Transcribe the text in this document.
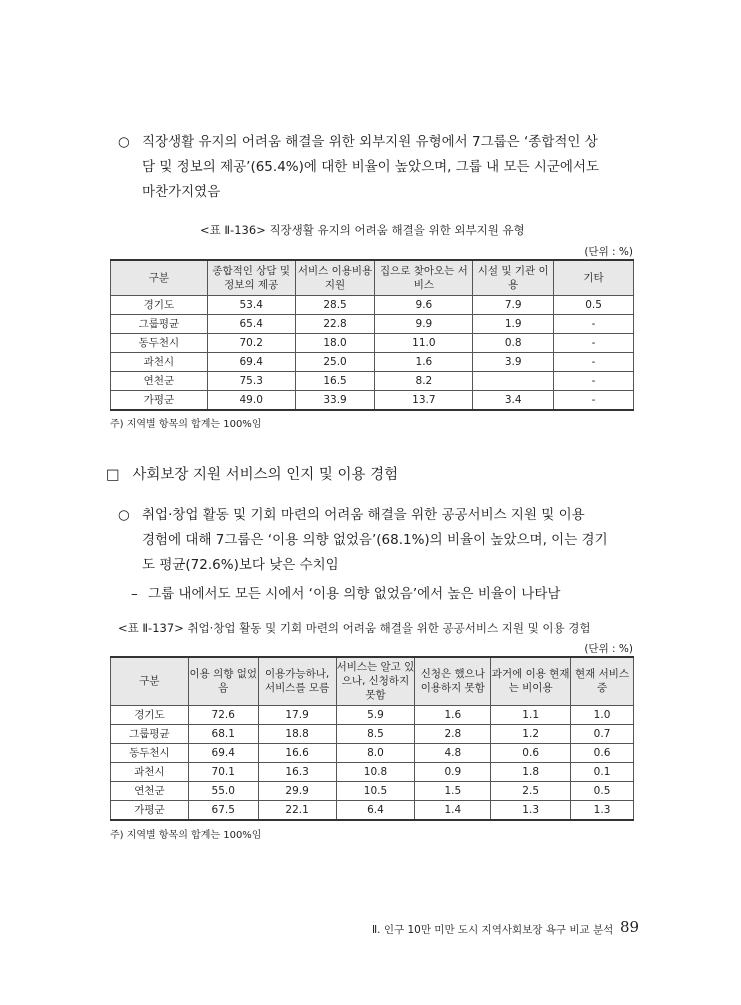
○ 직장생활 유지의 어려움 해결을 위한 외부지원 유형에서 7그룹은 ‘종합적인 상
담 및 정보의 제공’(65.4%)에 대한 비율이 높았으며, 그룹 내 모든 시군에서도
마찬가지였음
<표 Ⅱ-136> 직장생활 유지의 어려움 해결을 위한 외부지원 유형
(단위 : %)
구분	종합적인 상담 및 정보의 제공	서비스 이용비용 지원	집으로 찾아오는 서비스	시설 및 기관 이용	기타
경기도	53.4	28.5	9.6	7.9	0.5
그룹평균	65.4	22.8	9.9	1.9	-
동두천시	70.2	18.0	11.0	0.8	-
과천시	69.4	25.0	1.6	3.9	-
연천군	75.3	16.5	8.2		-
가평군	49.0	33.9	13.7	3.4	-
주) 지역별 항목의 합계는 100%임
□ 사회보장 지원 서비스의 인지 및 이용 경험
○ 취업·창업 활동 및 기회 마련의 어려움 해결을 위한 공공서비스 지원 및 이용
경험에 대해 7그룹은 ‘이용 의향 없었음’(68.1%)의 비율이 높았으며, 이는 경기
도 평균(72.6%)보다 낮은 수치임
– 그룹 내에서도 모든 시에서 ‘이용 의향 없었음’에서 높은 비율이 나타남
<표 Ⅱ-137> 취업·창업 활동 및 기회 마련의 어려움 해결을 위한 공공서비스 지원 및 이용 경험
(단위 : %)
구분	이용 의향 없었음	이용가능하나, 서비스를 모름	서비스는 알고 있으나, 신청하지 못함	신청은 했으나 이용하지 못함	과거에 이용 현재는 비이용	현재 서비스 중
경기도	72.6	17.9	5.9	1.6	1.1	1.0
그룹평균	68.1	18.8	8.5	2.8	1.2	0.7
동두천시	69.4	16.6	8.0	4.8	0.6	0.6
과천시	70.1	16.3	10.8	0.9	1.8	0.1
연천군	55.0	29.9	10.5	1.5	2.5	0.5
가평군	67.5	22.1	6.4	1.4	1.3	1.3
주) 지역별 항목의 합계는 100%임
Ⅱ. 인구 10만 미만 도시 지역사회보장 욕구 비교 분석 89
